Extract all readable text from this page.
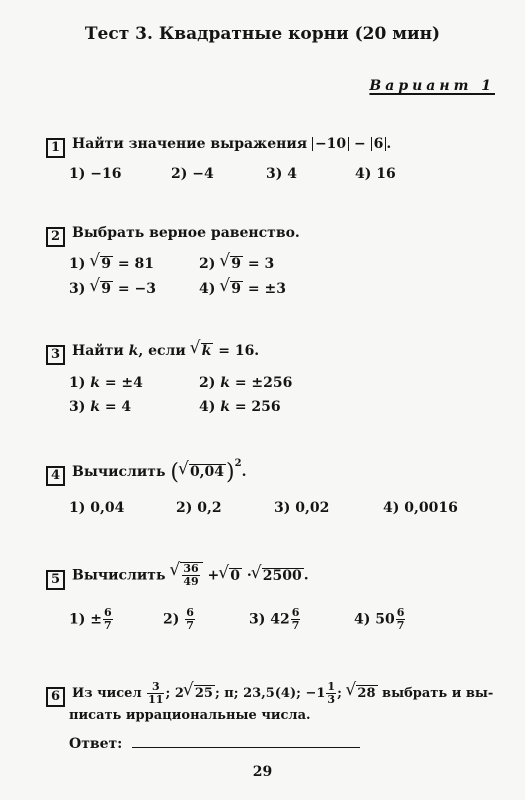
Тест 3. Квадратные корни (20 мин)
Вариант 1
1 Найти значение выражения −10 − 6 .
1) −16	2) −4	3) 4	4) 16
2 Выбрать верное равенство.
1) √ 9 = 81	2) √ 9 = 3
3) √ 9 = −3	4) √ 9 = ±3
3 Найти k, если √ k = 16.
1) k = ±4	2) k = ±256
3) k = 4	4) k = 256
4 Вычислить ( √ 0,04)$^2$.
1) 0,04	2) 0,2	3) 0,02	4) 0,0016
5 Вычислить √ $\frac{36}{49}$ + √ 0 · √ 2500 .
$1) \pm \frac{6}{7}$	$2) \frac{6}{7}$	3) $42 \frac{6}{7}$	4) $50 \frac{6}{7}$
6 Из чисел $\frac{3}{11}$ ; 2 √ 25 ; π; 23,5(4); $-1 \frac{1}{3}$ ; √ 28 выбрать и вы-
писать иррациональные числа.
Ответ:
29
